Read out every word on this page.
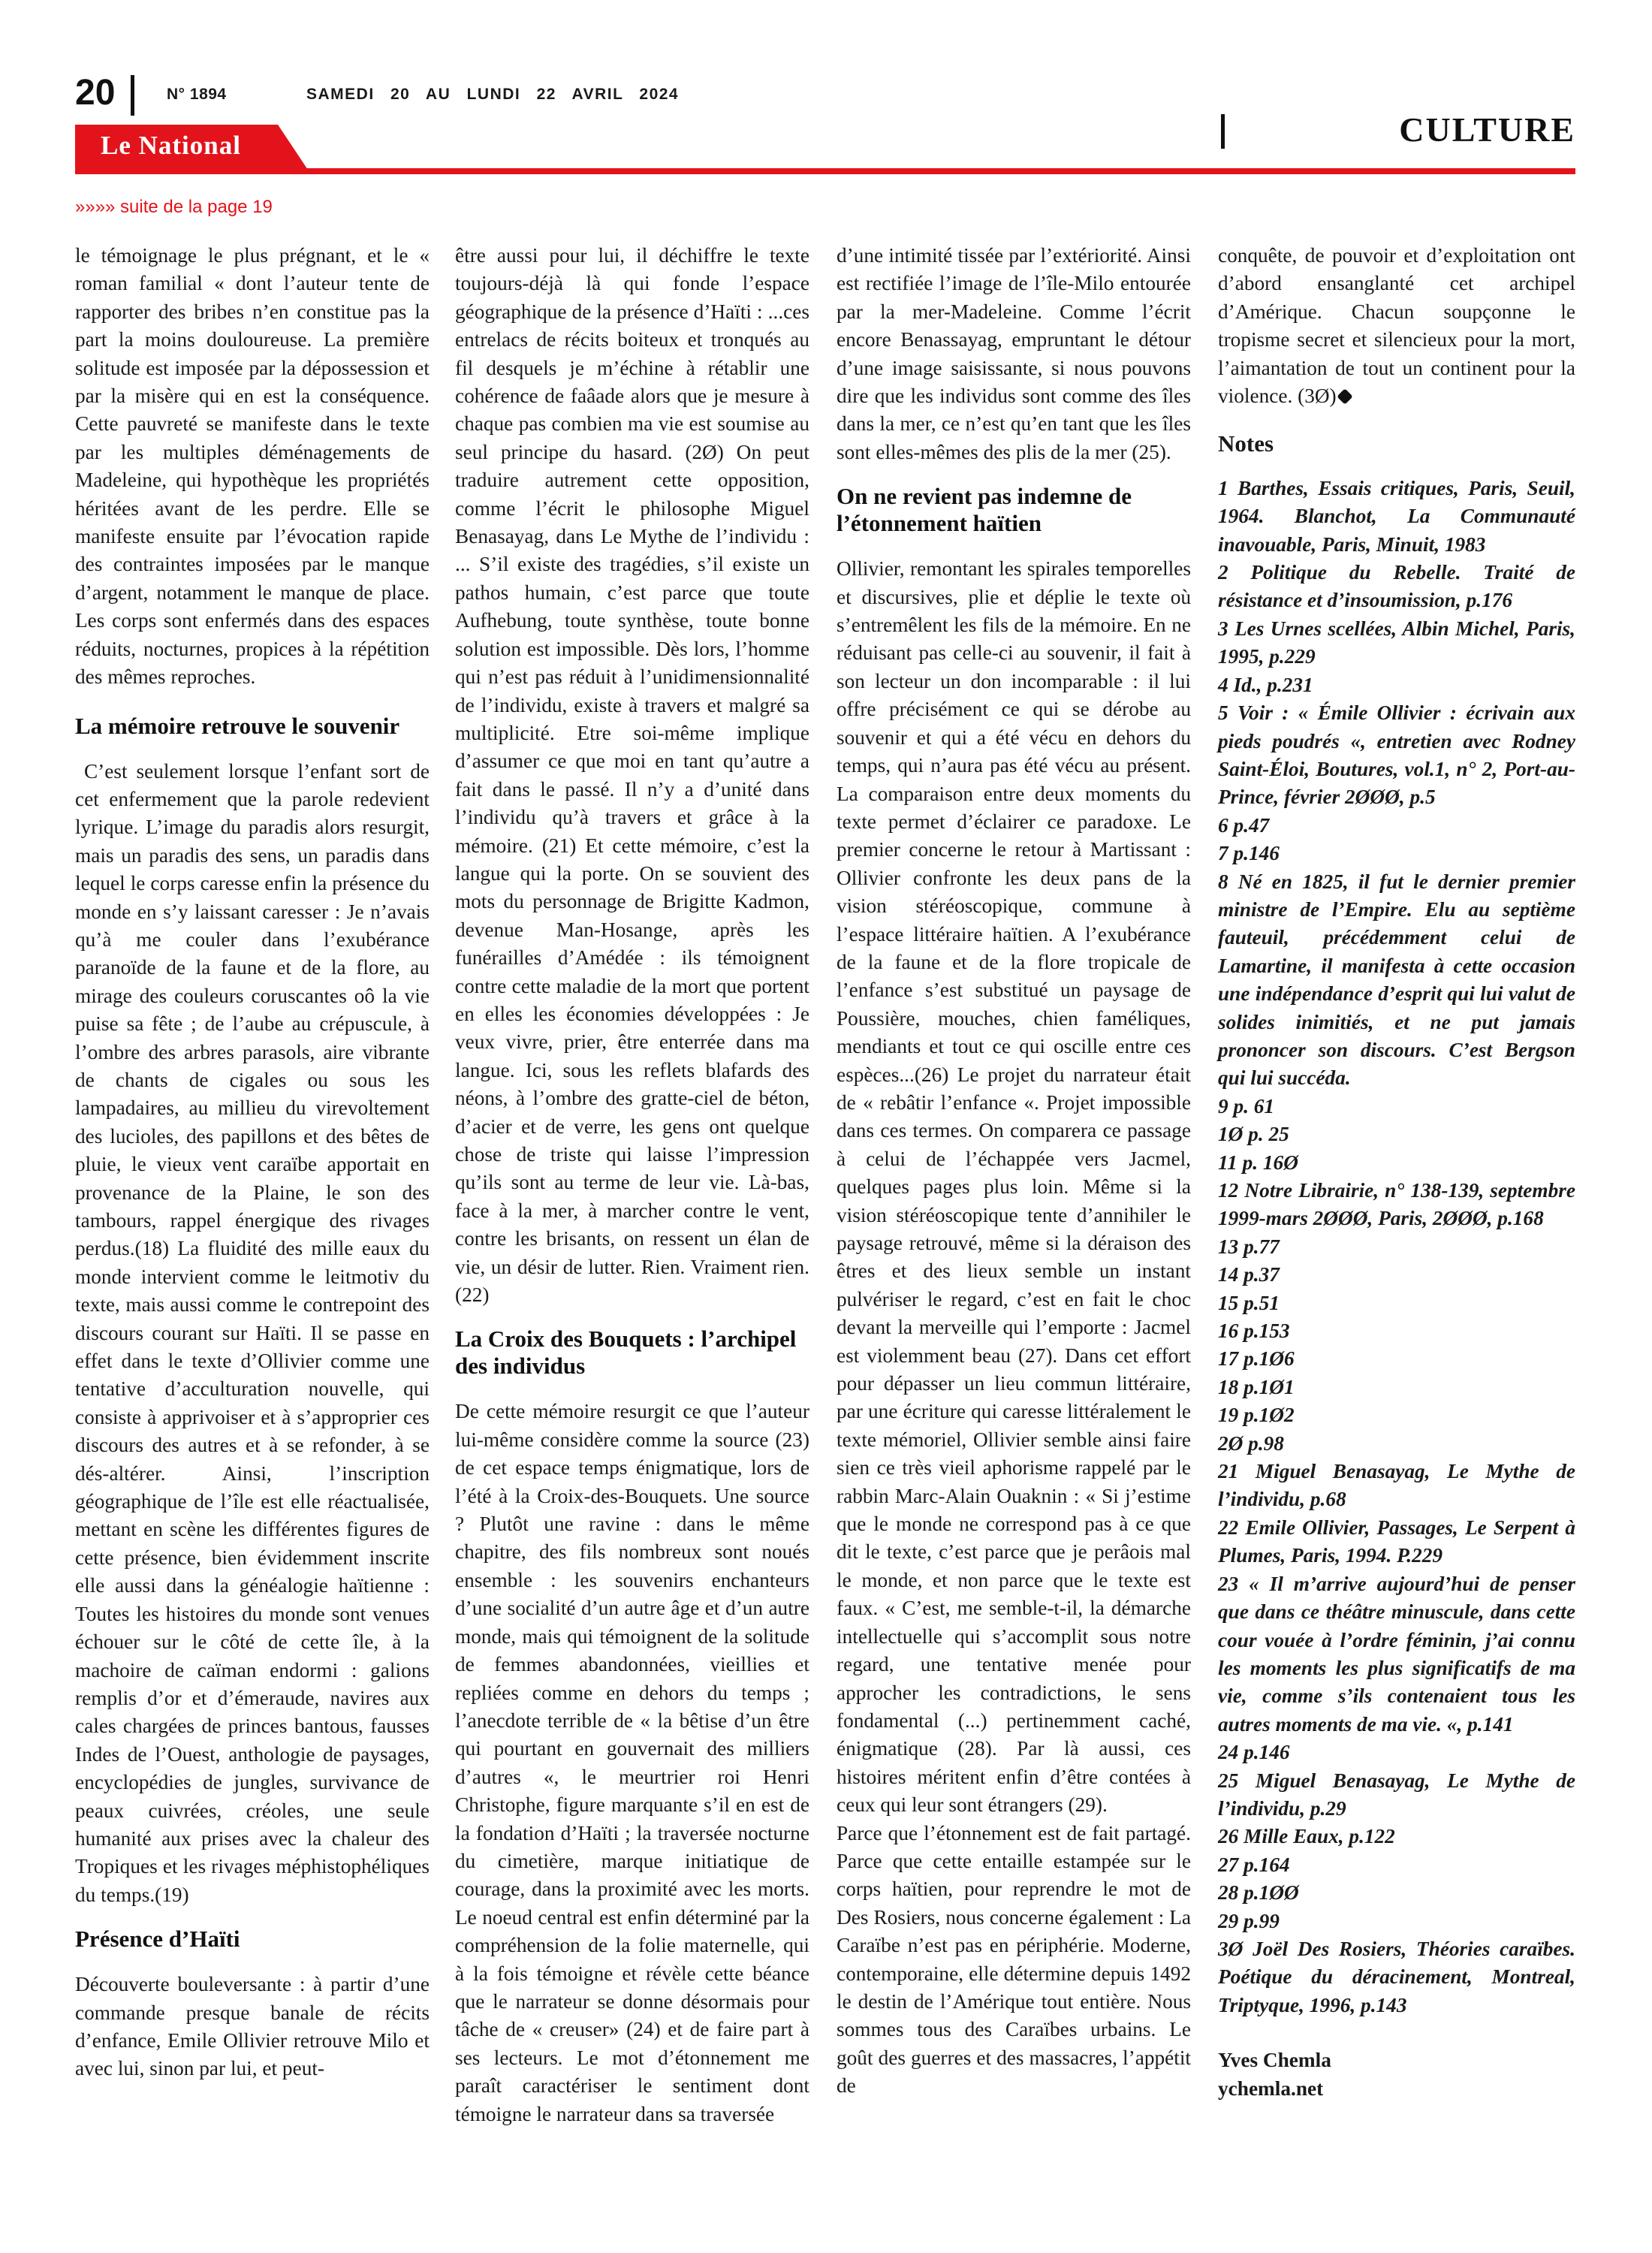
20	N° 1894	SAMEDI 20 AU LUNDI 22 AVRIL 2024
CULTURE
Le National
»»»» suite de la page 19

le témoignage le plus prégnant, et le « roman familial « dont l’auteur tente de rapporter des bribes n’en constitue pas la part la moins douloureuse. La première solitude est imposée par la dépossession et par la misère qui en est la conséquence. Cette pauvreté se manifeste dans le texte par les multiples déménagements de Madeleine, qui hypothèque les propriétés héritées avant de les perdre. Elle se manifeste ensuite par l’évocation rapide des contraintes imposées par le manque d’argent, notamment le manque de place. Les corps sont enfermés dans des espaces réduits, nocturnes, propices à la répétition des mêmes reproches.

La mémoire retrouve le souvenir

C’est seulement lorsque l’enfant sort de cet enfermement que la parole redevient lyrique. L’image du paradis alors resurgit, mais un paradis des sens, un paradis dans lequel le corps caresse enfin la présence du monde en s’y laissant caresser : Je n’avais qu’à me couler dans l’exubérance paranoïde de la faune et de la flore, au mirage des couleurs coruscantes oô la vie puise sa fête ; de l’aube au crépuscule, à l’ombre des arbres parasols, aire vibrante de chants de cigales ou sous les lampadaires, au millieu du virevoltement des lucioles, des papillons et des bêtes de pluie, le vieux vent caraïbe apportait en provenance de la Plaine, le son des tambours, rappel énergique des rivages perdus.(18) La fluidité des mille eaux du monde intervient comme le leitmotiv du texte, mais aussi comme le contrepoint des discours courant sur Haïti. Il se passe en effet dans le texte d’Ollivier comme une tentative d’acculturation nouvelle, qui consiste à apprivoiser et à s’approprier ces discours des autres et à se refonder, à se dés-altérer. Ainsi, l’inscription géographique de l’île est elle réactualisée, mettant en scène les différentes figures de cette présence, bien évidemment inscrite elle aussi dans la généalogie haïtienne : Toutes les histoires du monde sont venues échouer sur le côté de cette île, à la machoire de caïman endormi : galions remplis d’or et d’émeraude, navires aux cales chargées de princes bantous, fausses Indes de l’Ouest, anthologie de paysages, encyclopédies de jungles, survivance de peaux cuivrées, créoles, une seule humanité aux prises avec la chaleur des Tropiques et les rivages méphistophéliques du temps.(19)

Présence d’Haïti

Découverte bouleversante : à partir d’une commande presque banale de récits d’enfance, Emile Ollivier retrouve Milo et avec lui, sinon par lui, et peut-

être aussi pour lui, il déchiffre le texte toujours-déjà là qui fonde l’espace géographique de la présence d’Haïti : ...ces entrelacs de récits boiteux et tronqués au fil desquels je m’échine à rétablir une cohérence de faâade alors que je mesure à chaque pas combien ma vie est soumise au seul principe du hasard. (2Ø) On peut traduire autrement cette opposition, comme l’écrit le philosophe Miguel Benasayag, dans Le Mythe de l’individu : ... S’il existe des tragédies, s’il existe un pathos humain, c’est parce que toute Aufhebung, toute synthèse, toute bonne solution est impossible. Dès lors, l’homme qui n’est pas réduit à l’unidimensionnalité de l’individu, existe à travers et malgré sa multiplicité. Etre soi-même implique d’assumer ce que moi en tant qu’autre a fait dans le passé. Il n’y a d’unité dans l’individu qu’à travers et grâce à la mémoire. (21) Et cette mémoire, c’est la langue qui la porte. On se souvient des mots du personnage de Brigitte Kadmon, devenue Man-Hosange, après les funérailles d’Amédée : ils témoignent contre cette maladie de la mort que portent en elles les économies développées : Je veux vivre, prier, être enterrée dans ma langue. Ici, sous les reflets blafards des néons, à l’ombre des gratte-ciel de béton, d’acier et de verre, les gens ont quelque chose de triste qui laisse l’impression qu’ils sont au terme de leur vie. Là-bas, face à la mer, à marcher contre le vent, contre les brisants, on ressent un élan de vie, un désir de lutter. Rien. Vraiment rien.(22)

La Croix des Bouquets : l’archipel des individus

De cette mémoire resurgit ce que l’auteur lui-même considère comme la source (23) de cet espace temps énigmatique, lors de l’été à la Croix-des-Bouquets. Une source ? Plutôt une ravine : dans le même chapitre, des fils nombreux sont noués ensemble : les souvenirs enchanteurs d’une socialité d’un autre âge et d’un autre monde, mais qui témoignent de la solitude de femmes abandonnées, vieillies et repliées comme en dehors du temps ; l’anecdote terrible de « la bêtise d’un être qui pourtant en gouvernait des milliers d’autres «, le meurtrier roi Henri Christophe, figure marquante s’il en est de la fondation d’Haïti ; la traversée nocturne du cimetière, marque initiatique de courage, dans la proximité avec les morts. Le noeud central est enfin déterminé par la compréhension de la folie maternelle, qui à la fois témoigne et révèle cette béance que le narrateur se donne désormais pour tâche de « creuser» (24) et de faire part à ses lecteurs. Le mot d’étonnement me paraît caractériser le sentiment dont témoigne le narrateur dans sa traversée

d’une intimité tissée par l’extériorité. Ainsi est rectifiée l’image de l’île-Milo entourée par la mer-Madeleine. Comme l’écrit encore Benassayag, empruntant le détour d’une image saisissante, si nous pouvons dire que les individus sont comme des îles dans la mer, ce n’est qu’en tant que les îles sont elles-mêmes des plis de la mer (25).

On ne revient pas indemne de l’étonnement haïtien

Ollivier, remontant les spirales temporelles et discursives, plie et déplie le texte où s’entremêlent les fils de la mémoire. En ne réduisant pas celle-ci au souvenir, il fait à son lecteur un don incomparable : il lui offre précisément ce qui se dérobe au souvenir et qui a été vécu en dehors du temps, qui n’aura pas été vécu au présent. La comparaison entre deux moments du texte permet d’éclairer ce paradoxe. Le premier concerne le retour à Martissant : Ollivier confronte les deux pans de la vision stéréoscopique, commune à l’espace littéraire haïtien. A l’exubérance de la faune et de la flore tropicale de l’enfance s’est substitué un paysage de Poussière, mouches, chien faméliques, mendiants et tout ce qui oscille entre ces espèces...(26) Le projet du narrateur était de « rebâtir l’enfance «. Projet impossible dans ces termes. On comparera ce passage à celui de l’échappée vers Jacmel, quelques pages plus loin. Même si la vision stéréoscopique tente d’annihiler le paysage retrouvé, même si la déraison des êtres et des lieux semble un instant pulvériser le regard, c’est en fait le choc devant la merveille qui l’emporte : Jacmel est violemment beau (27). Dans cet effort pour dépasser un lieu commun littéraire, par une écriture qui caresse littéralement le texte mémoriel, Ollivier semble ainsi faire sien ce très vieil aphorisme rappelé par le rabbin Marc-Alain Ouaknin : « Si j’estime que le monde ne correspond pas à ce que dit le texte, c’est parce que je perâois mal le monde, et non parce que le texte est faux. « C’est, me semble-t-il, la démarche intellectuelle qui s’accomplit sous notre regard, une tentative menée pour approcher les contradictions, le sens fondamental (...) pertinemment caché, énigmatique (28). Par là aussi, ces histoires méritent enfin d’être contées à ceux qui leur sont étrangers (29).

Parce que l’étonnement est de fait partagé. Parce que cette entaille estampée sur le corps haïtien, pour reprendre le mot de Des Rosiers, nous concerne également : La Caraïbe n’est pas en périphérie. Moderne, contemporaine, elle détermine depuis 1492 le destin de l’Amérique tout entière. Nous sommes tous des Caraïbes urbains. Le goût des guerres et des massacres, l’appétit de

conquête, de pouvoir et d’exploitation ont d’abord ensanglanté cet archipel d’Amérique. Chacun soupçonne le tropisme secret et silencieux pour la mort, l’aimantation de tout un continent pour la violence. (3Ø)

Notes

1 Barthes, Essais critiques, Paris, Seuil, 1964. Blanchot, La Communauté inavouable, Paris, Minuit, 1983

2 Politique du Rebelle. Traité de résistance et d’insoumission, p.176

3 Les Urnes scellées, Albin Michel, Paris, 1995, p.229

4 Id., p.231

5 Voir : « Émile Ollivier : écrivain aux pieds poudrés «, entretien avec Rodney Saint-Éloi, Boutures, vol.1, n° 2, Port-au-Prince, février 2ØØØ, p.5

6 p.47

7 p.146

8 Né en 1825, il fut le dernier premier ministre de l’Empire. Elu au septième fauteuil, précédemment celui de Lamartine, il manifesta à cette occasion une indépendance d’esprit qui lui valut de solides inimitiés, et ne put jamais prononcer son discours. C’est Bergson qui lui succéda.

9 p. 61

1Ø p. 25

11 p. 16Ø

12 Notre Librairie, n° 138-139, septembre 1999-mars 2ØØØ, Paris, 2ØØØ, p.168

13 p.77

14 p.37

15 p.51

16 p.153

17 p.1Ø6

18 p.1Ø1

19 p.1Ø2

2Ø p.98

21 Miguel Benasayag, Le Mythe de l’individu, p.68

22 Emile Ollivier, Passages, Le Serpent à Plumes, Paris, 1994. P.229

23 « Il m’arrive aujourd’hui de penser que dans ce théâtre minuscule, dans cette cour vouée à l’ordre féminin, j’ai connu les moments les plus significatifs de ma vie, comme s’ils contenaient tous les autres moments de ma vie. «, p.141

24 p.146

25 Miguel Benasayag, Le Mythe de l’individu, p.29

26 Mille Eaux, p.122

27 p.164

28 p.1ØØ

29 p.99

3Ø Joël Des Rosiers, Théories caraïbes. Poétique du déracinement, Montreal, Triptyque, 1996, p.143

Yves Chemla
ychemla.net
